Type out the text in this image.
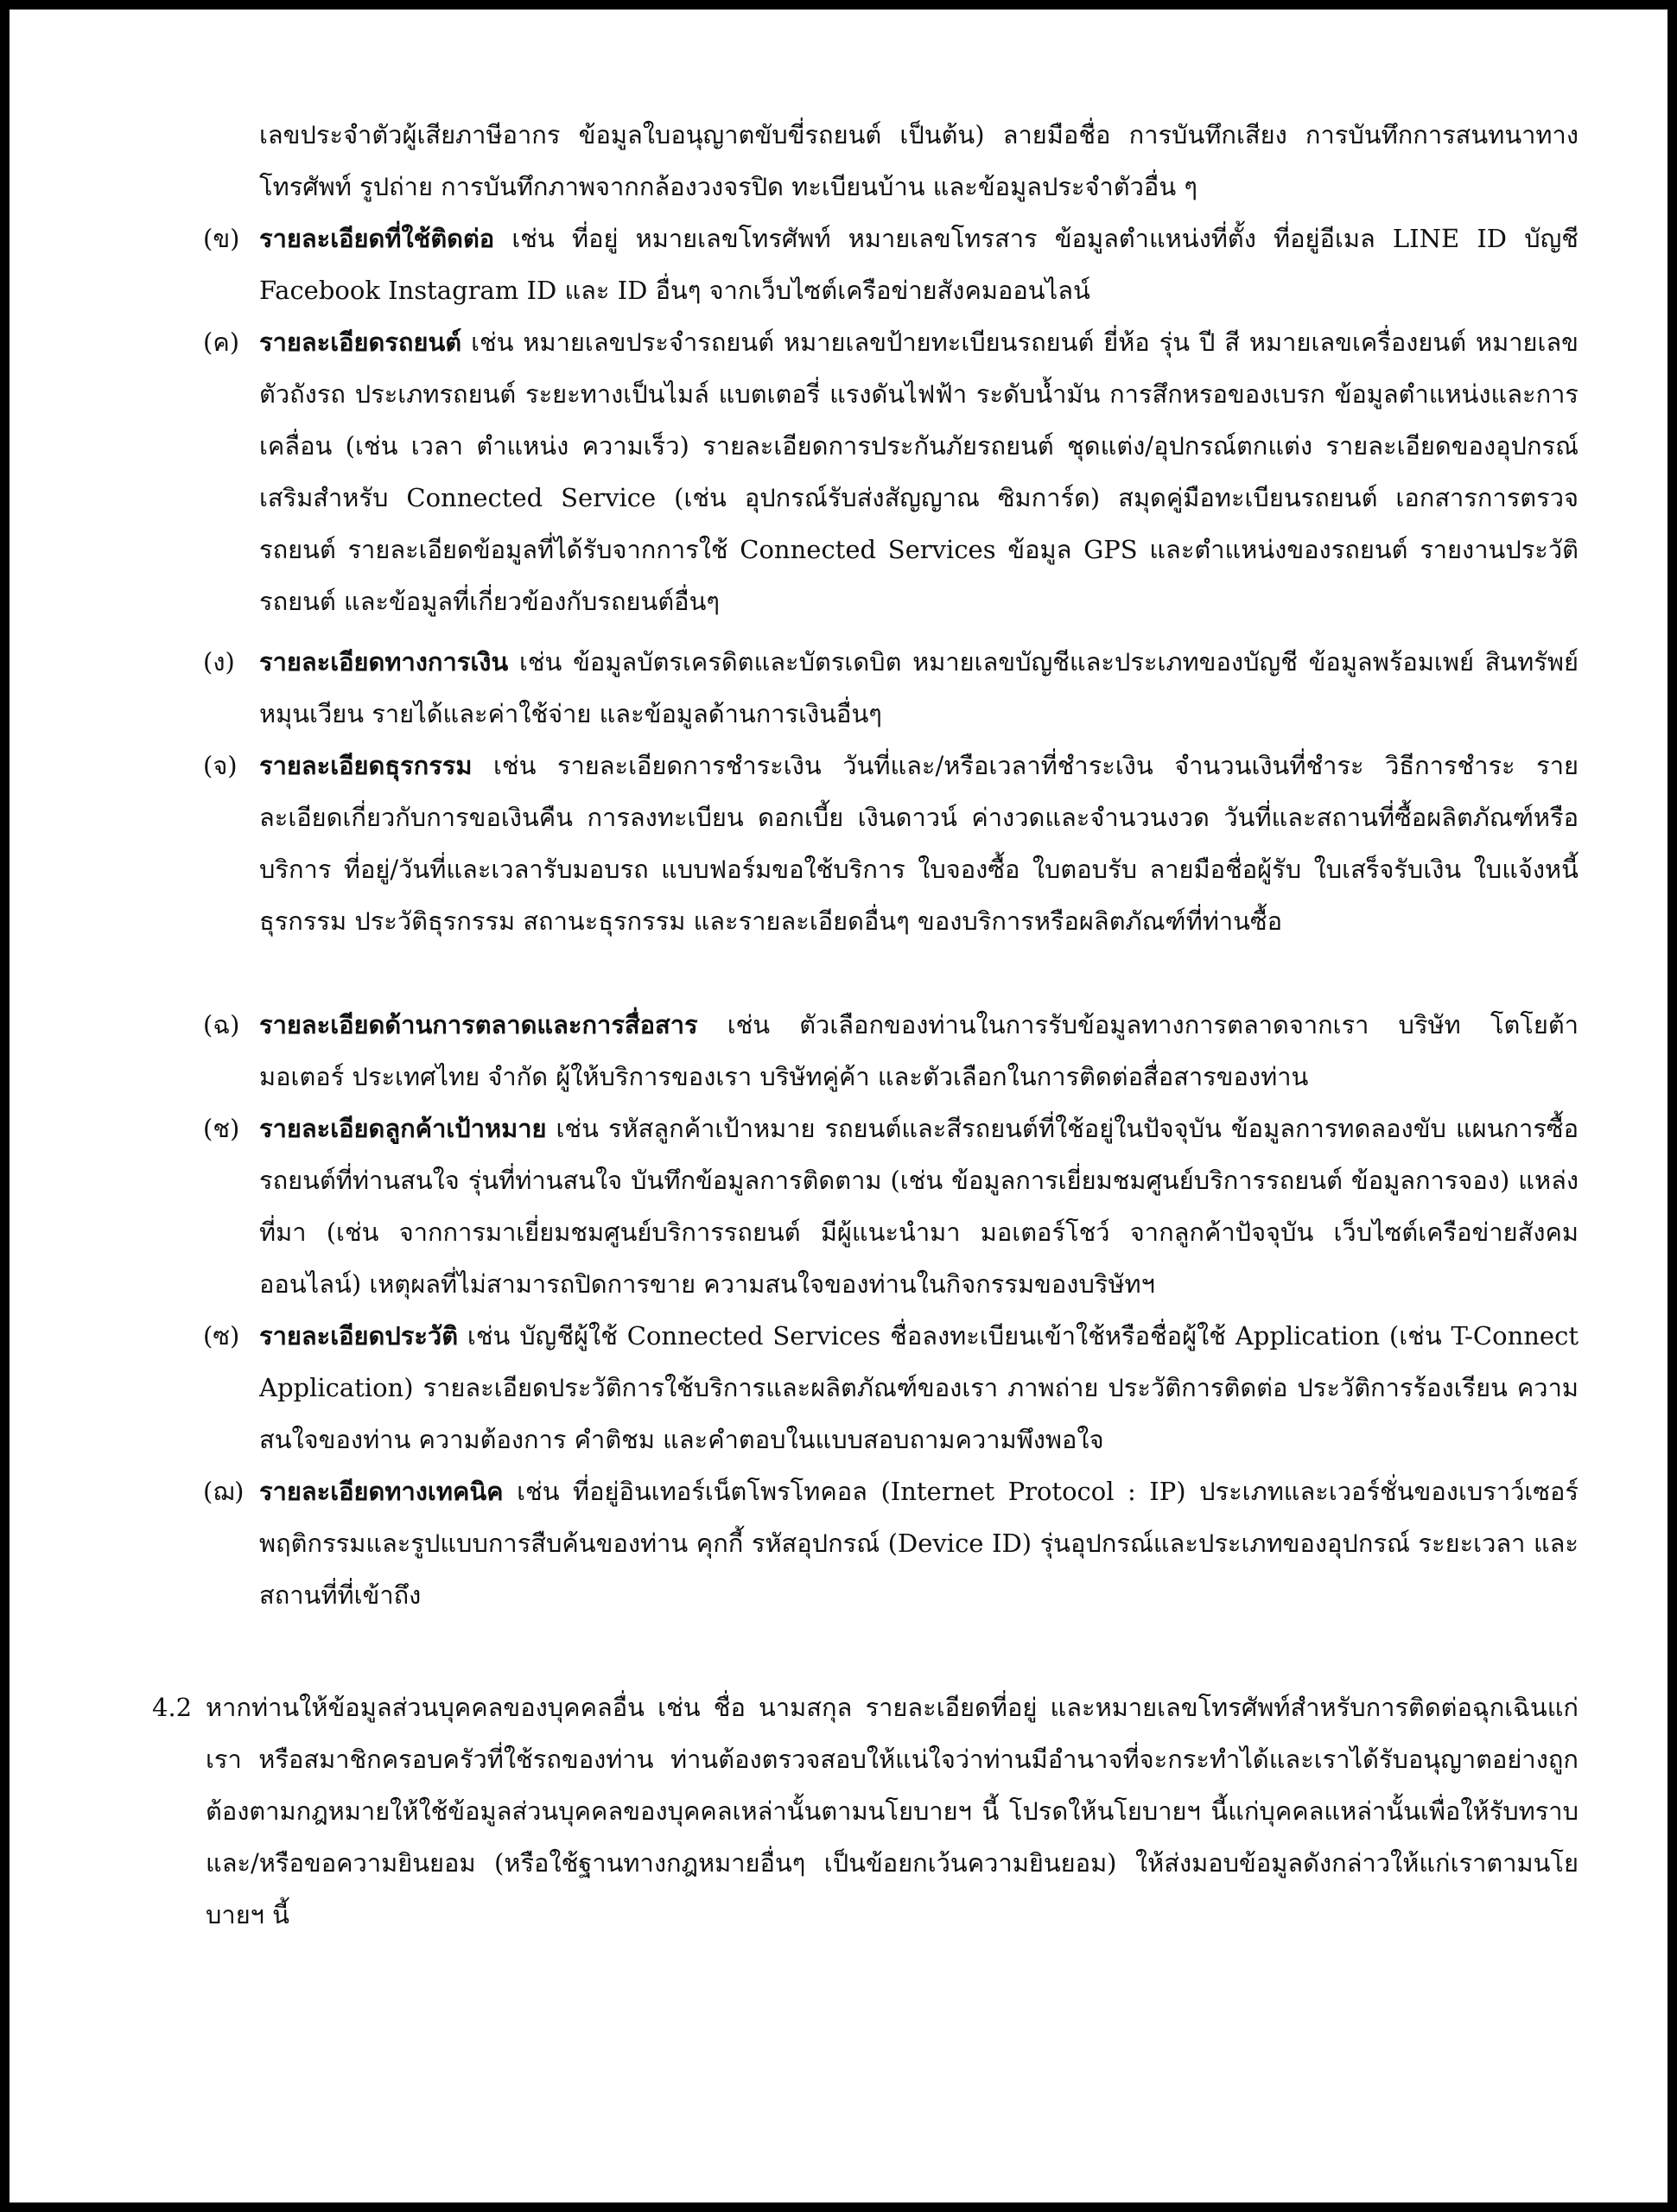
เลขประจำตัวผู้เสียภาษีอากร ข้อมูลใบอนุญาตขับขี่รถยนต์ เป็นต้น) ลายมือชื่อ การบันทึกเสียง การบันทึกการสนทนาทางโทรศัพท์ รูปถ่าย การบันทึกภาพจากกล้องวงจรปิด ทะเบียนบ้าน และข้อมูลประจำตัวอื่น ๆ
(ข) รายละเอียดที่ใช้ติดต่อ เช่น ที่อยู่ หมายเลขโทรศัพท์ หมายเลขโทรสาร ข้อมูลตำแหน่งที่ตั้ง ที่อยู่อีเมล LINE ID บัญชี Facebook Instagram ID และ ID อื่นๆ จากเว็บไซต์เครือข่ายสังคมออนไลน์
(ค) รายละเอียดรถยนต์ เช่น หมายเลขประจำรถยนต์ หมายเลขป้ายทะเบียนรถยนต์ ยี่ห้อ รุ่น ปี สี หมายเลขเครื่องยนต์ หมายเลขตัวถังรถ ประเภทรถยนต์ ระยะทางเป็นไมล์ แบตเตอรี่ แรงดันไฟฟ้า ระดับน้ำมัน การสึกหรอของเบรก ข้อมูลตำแหน่งและการเคลื่อน (เช่น เวลา ตำแหน่ง ความเร็ว) รายละเอียดการประกันภัยรถยนต์ ชุดแต่ง/อุปกรณ์ตกแต่ง รายละเอียดของอุปกรณ์เสริมสำหรับ Connected Service (เช่น อุปกรณ์รับส่งสัญญาณ ซิมการ์ด) สมุดคู่มือทะเบียนรถยนต์ เอกสารการตรวจรถยนต์ รายละเอียดข้อมูลที่ได้รับจากการใช้ Connected Services ข้อมูล GPS และตำแหน่งของรถยนต์ รายงานประวัติรถยนต์ และข้อมูลที่เกี่ยวข้องกับรถยนต์อื่นๆ
(ง) รายละเอียดทางการเงิน เช่น ข้อมูลบัตรเครดิตและบัตรเดบิต หมายเลขบัญชีและประเภทของบัญชี ข้อมูลพร้อมเพย์ สินทรัพย์หมุนเวียน รายได้และค่าใช้จ่าย และข้อมูลด้านการเงินอื่นๆ
(จ) รายละเอียดธุรกรรม เช่น รายละเอียดการชำระเงิน วันที่และ/หรือเวลาที่ชำระเงิน จำนวนเงินที่ชำระ วิธีการชำระ รายละเอียดเกี่ยวกับการขอเงินคืน การลงทะเบียน ดอกเบี้ย เงินดาวน์ ค่างวดและจำนวนงวด วันที่และสถานที่ซื้อผลิตภัณฑ์หรือบริการ ที่อยู่/วันที่และเวลารับมอบรถ แบบฟอร์มขอใช้บริการ ใบจองซื้อ ใบตอบรับ ลายมือชื่อผู้รับ ใบเสร็จรับเงิน ใบแจ้งหนี้ ธุรกรรม ประวัติธุรกรรม สถานะธุรกรรม และรายละเอียดอื่นๆ ของบริการหรือผลิตภัณฑ์ที่ท่านซื้อ
(ฉ) รายละเอียดด้านการตลาดและการสื่อสาร เช่น ตัวเลือกของท่านในการรับข้อมูลทางการตลาดจากเรา บริษัท โตโยต้า มอเตอร์ ประเทศไทย จำกัด ผู้ให้บริการของเรา บริษัทคู่ค้า และตัวเลือกในการติดต่อสื่อสารของท่าน
(ช) รายละเอียดลูกค้าเป้าหมาย เช่น รหัสลูกค้าเป้าหมาย รถยนต์และสีรถยนต์ที่ใช้อยู่ในปัจจุบัน ข้อมูลการทดลองขับ แผนการซื้อ รถยนต์ที่ท่านสนใจ รุ่นที่ท่านสนใจ บันทึกข้อมูลการติดตาม (เช่น ข้อมูลการเยี่ยมชมศูนย์บริการรถยนต์ ข้อมูลการจอง) แหล่งที่มา (เช่น จากการมาเยี่ยมชมศูนย์บริการรถยนต์ มีผู้แนะนำมา มอเตอร์โชว์ จากลูกค้าปัจจุบัน เว็บไซต์เครือข่ายสังคมออนไลน์) เหตุผลที่ไม่สามารถปิดการขาย ความสนใจของท่านในกิจกรรมของบริษัทฯ
(ซ) รายละเอียดประวัติ เช่น บัญชีผู้ใช้ Connected Services ชื่อลงทะเบียนเข้าใช้หรือชื่อผู้ใช้ Application (เช่น T-Connect Application) รายละเอียดประวัติการใช้บริการและผลิตภัณฑ์ของเรา ภาพถ่าย ประวัติการติดต่อ ประวัติการร้องเรียน ความสนใจของท่าน ความต้องการ คำติชม และคำตอบในแบบสอบถามความพึงพอใจ
(ฌ) รายละเอียดทางเทคนิค เช่น ที่อยู่อินเทอร์เน็ตโพรโทคอล (Internet Protocol : IP) ประเภทและเวอร์ชั่นของเบราว์เซอร์ พฤติกรรมและรูปแบบการสืบค้นของท่าน คุกกี้ รหัสอุปกรณ์ (Device ID) รุ่นอุปกรณ์และประเภทของอุปกรณ์ ระยะเวลา และสถานที่ที่เข้าถึง
4.2 หากท่านให้ข้อมูลส่วนบุคคลของบุคคลอื่น เช่น ชื่อ นามสกุล รายละเอียดที่อยู่ และหมายเลขโทรศัพท์สำหรับการติดต่อฉุกเฉินแก่เรา หรือสมาชิกครอบครัวที่ใช้รถของท่าน ท่านต้องตรวจสอบให้แน่ใจว่าท่านมีอำนาจที่จะกระทำได้และเราได้รับอนุญาตอย่างถูกต้องตามกฎหมายให้ใช้ข้อมูลส่วนบุคคลของบุคคลเหล่านั้นตามนโยบายฯ นี้ โปรดให้นโยบายฯ นี้แก่บุคคลแหล่านั้นเพื่อให้รับทราบและ/หรือขอความยินยอม (หรือใช้ฐานทางกฎหมายอื่นๆ เป็นข้อยกเว้นความยินยอม) ให้ส่งมอบข้อมูลดังกล่าวให้แก่เราตามนโยบายฯ นี้
